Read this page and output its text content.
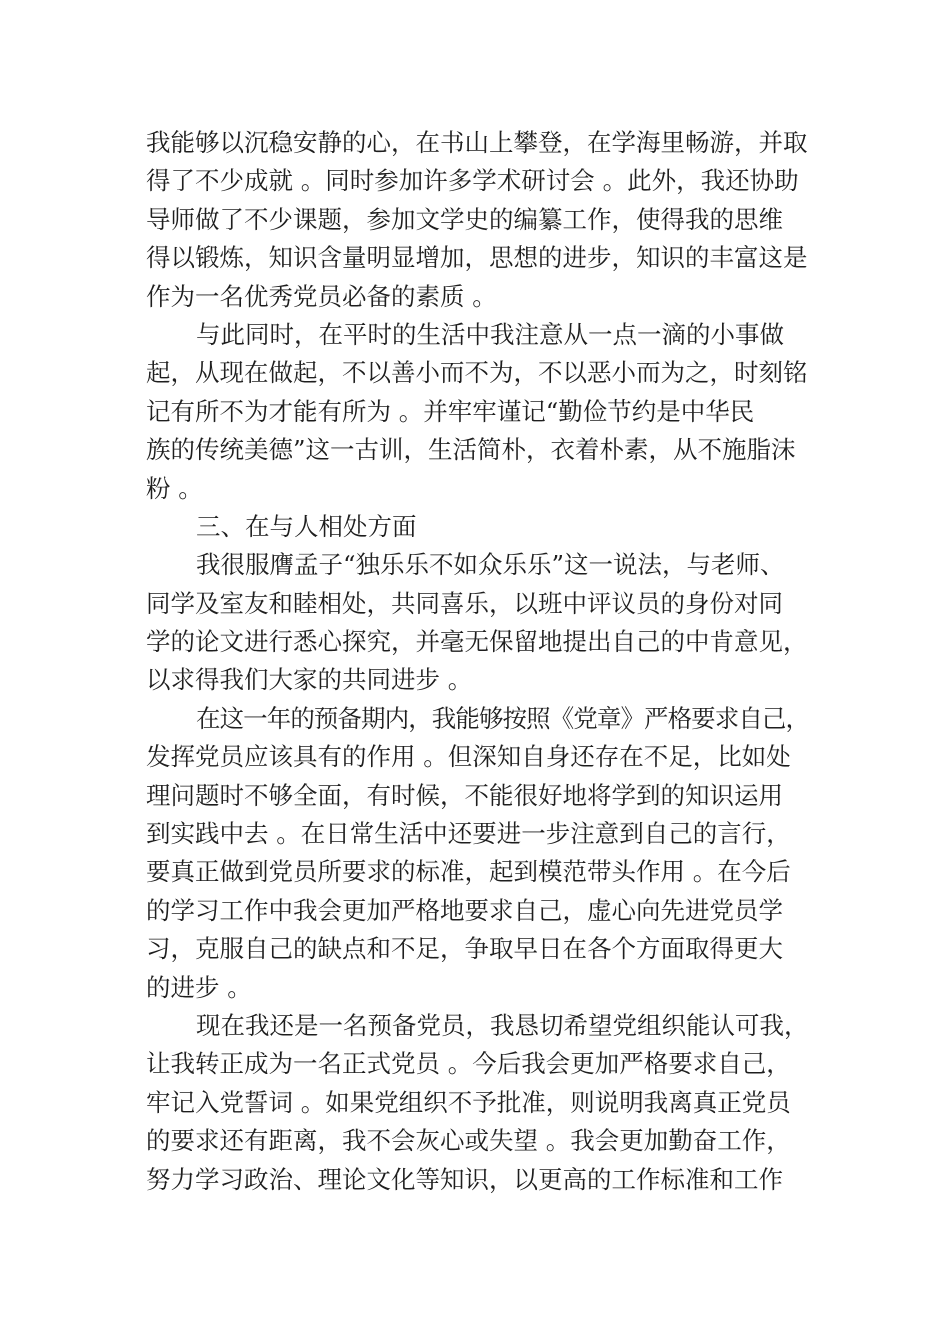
我能够以沉稳安静的心，在书山上攀登，在学海里畅游，并取
得了不少成就 。同时参加许多学术研讨会 。此外，我还协助
导师做了不少课题，参加文学史的编纂工作，使得我的思维
得以锻炼，知识含量明显增加，思想的进步，知识的丰富这是
作为一名优秀党员必备的素质 。
与此同时，在平时的生活中我注意从一点一滴的小事做
起，从现在做起，不以善小而不为，不以恶小而为之，时刻铭
记有所不为才能有所为 。并牢牢谨记“勤俭节约是中华民
族的传统美德”这一古训，生活简朴，衣着朴素，从不施脂沫
粉 。
三、在与人相处方面
我很服膺孟子“独乐乐不如众乐乐”这一说法，与老师、
同学及室友和睦相处，共同喜乐，以班中评议员的身份对同
学的论文进行悉心探究，并毫无保留地提出自己的中肯意见，
以求得我们大家的共同进步 。
在这一年的预备期内，我能够按照《党章》严格要求自己，
发挥党员应该具有的作用 。但深知自身还存在不足，比如处
理问题时不够全面，有时候，不能很好地将学到的知识运用
到实践中去 。在日常生活中还要进一步注意到自己的言行，
要真正做到党员所要求的标准，起到模范带头作用 。在今后
的学习工作中我会更加严格地要求自己，虚心向先进党员学
习，克服自己的缺点和不足，争取早日在各个方面取得更大
的进步 。
现在我还是一名预备党员，我恳切希望党组织能认可我，
让我转正成为一名正式党员 。今后我会更加严格要求自己，
牢记入党誓词 。如果党组织不予批准，则说明我离真正党员
的要求还有距离，我不会灰心或失望 。我会更加勤奋工作，
努力学习政治、理论文化等知识，以更高的工作标准和工作
